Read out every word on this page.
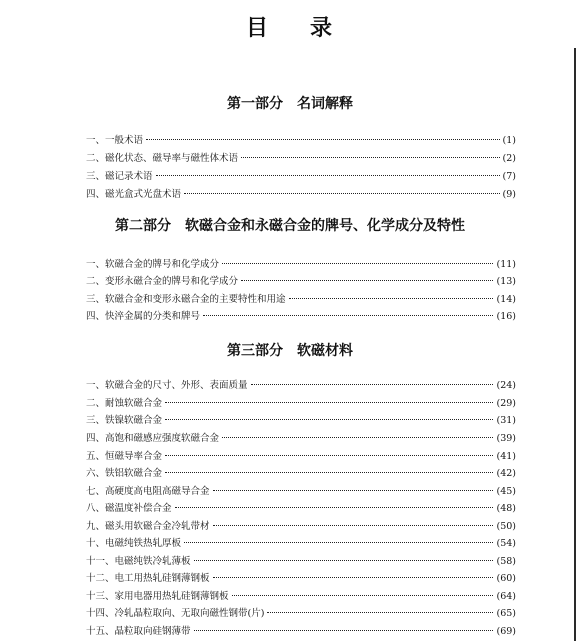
目 录
第一部分 名词解释
一、一般术语	(1)
二、磁化状态、磁导率与磁性体术语	(2)
三、磁记录术语	(7)
四、磁光盒式光盘术语	(9)
第二部分 软磁合金和永磁合金的牌号、化学成分及特性
一、软磁合金的牌号和化学成分	(11)
二、变形永磁合金的牌号和化学成分	(13)
三、软磁合金和变形永磁合金的主要特性和用途	(14)
四、快淬金属的分类和牌号	(16)
第三部分 软磁材料
一、软磁合金的尺寸、外形、表面质量	(24)
二、耐蚀软磁合金	(29)
三、铁镍软磁合金	(31)
四、高饱和磁感应强度软磁合金	(39)
五、恒磁导率合金	(41)
六、铁铝软磁合金	(42)
七、高硬度高电阻高磁导合金	(45)
八、磁温度补偿合金	(48)
九、磁头用软磁合金冷轧带材	(50)
十、电磁纯铁热轧厚板	(54)
十一、电磁纯铁冷轧薄板	(58)
十二、电工用热轧硅钢薄钢板	(60)
十三、家用电器用热轧硅钢薄钢板	(64)
十四、冷轧晶粒取向、无取向磁性钢带(片)	(65)
十五、晶粒取向硅钢薄带	(69)
